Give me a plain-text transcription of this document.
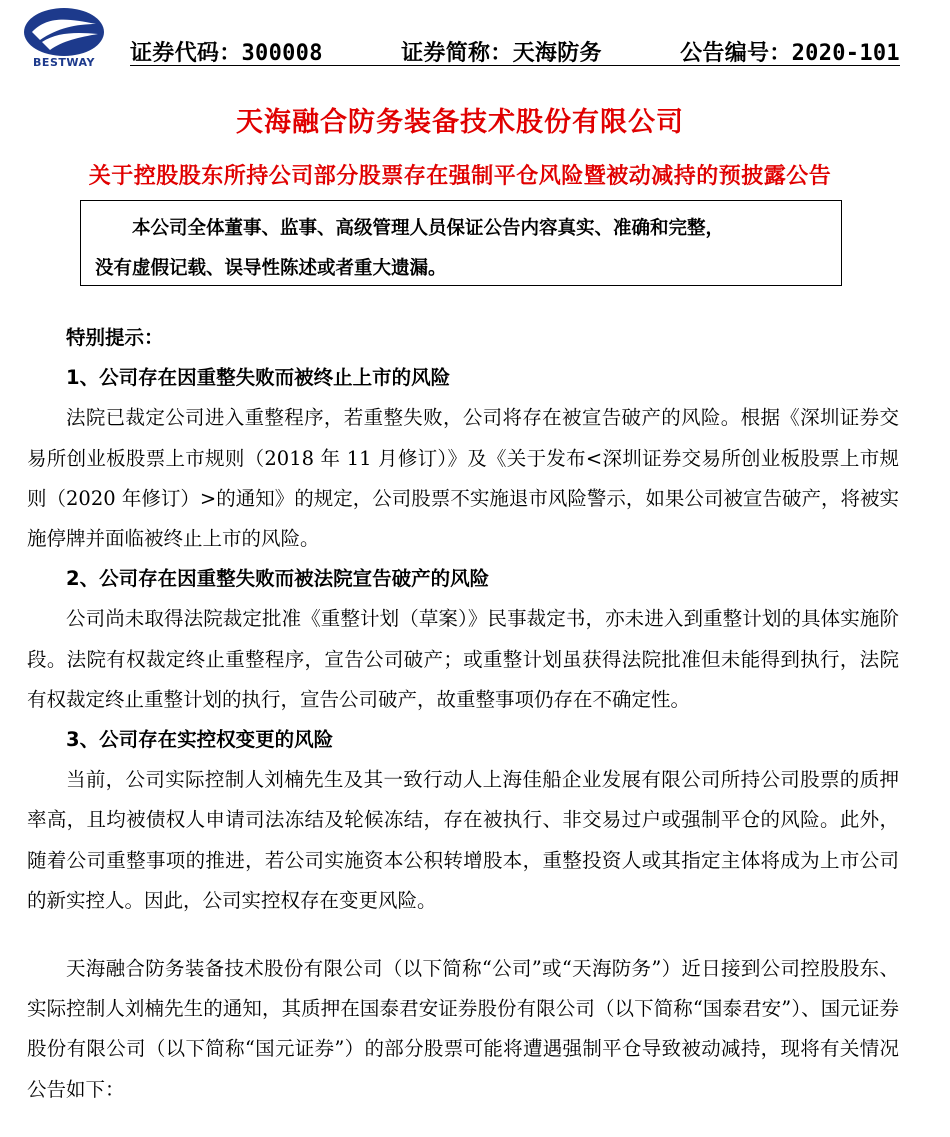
BESTWAY	证券代码：300008	证券简称：天海防务	公告编号：2020-101
天海融合防务装备技术股份有限公司
关于控股股东所持公司部分股票存在强制平仓风险暨被动减持的预披露公告

本公司全体董事、监事、高级管理人员保证公告内容真实、准确和完整，

没有虚假记载、误导性陈述或者重大遗漏。

特别提示：
1、公司存在因重整失败而被终止上市的风险

法院已裁定公司进入重整程序，若重整失败，公司将存在被宣告破产的风险。根据《深圳证券交易所创业板股票上市规则（2018 年 11 月修订）》及《关于发布<深圳证券交易所创业板股票上市规则（2020 年修订）>的通知》的规定，公司股票不实施退市风险警示，如果公司被宣告破产，将被实施停牌并面临被终止上市的风险。

2、公司存在因重整失败而被法院宣告破产的风险

公司尚未取得法院裁定批准《重整计划（草案）》民事裁定书，亦未进入到重整计划的具体实施阶段。法院有权裁定终止重整程序，宣告公司破产；或重整计划虽获得法院批准但未能得到执行，法院有权裁定终止重整计划的执行，宣告公司破产，故重整事项仍存在不确定性。

3、公司存在实控权变更的风险

当前，公司实际控制人刘楠先生及其一致行动人上海佳船企业发展有限公司所持公司股票的质押率高，且均被债权人申请司法冻结及轮候冻结，存在被执行、非交易过户或强制平仓的风险。此外，随着公司重整事项的推进，若公司实施资本公积转增股本，重整投资人或其指定主体将成为上市公司的新实控人。因此，公司实控权存在变更风险。

天海融合防务装备技术股份有限公司（以下简称“公司”或“天海防务”）近日接到公司控股股东、实际控制人刘楠先生的通知，其质押在国泰君安证券股份有限公司（以下简称“国泰君安”）、国元证券股份有限公司（以下简称“国元证券”）的部分股票可能将遭遇强制平仓导致被动减持，现将有关情况公告如下：
